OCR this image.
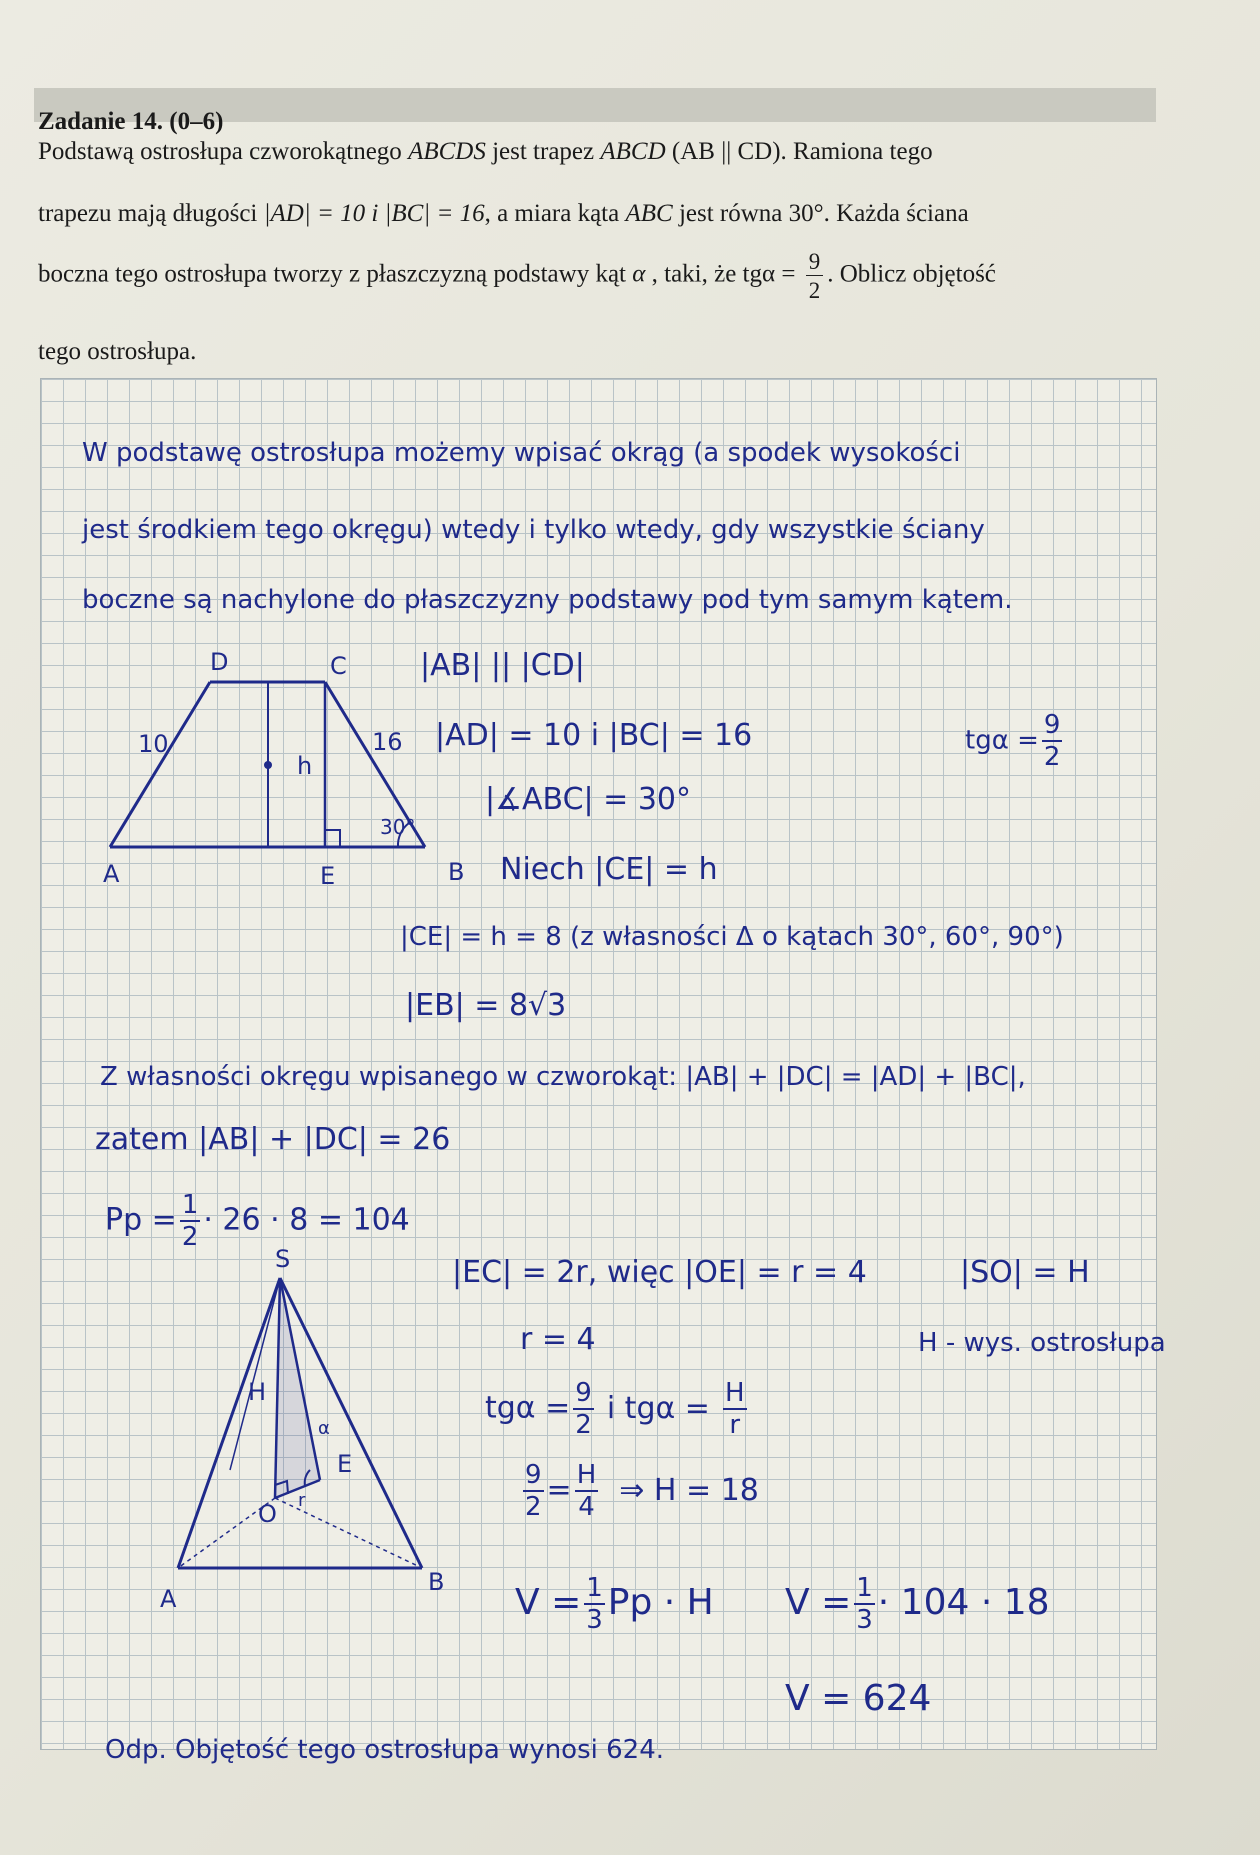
Zadanie 14. (0–6)
Podstawą ostrosłupa czworokątnego ABCDS jest trapez ABCD (AB || CD). Ramiona tego
trapezu mają długości |AD| = 10 i |BC| = 16, a miara kąta ABC jest równa 30°. Każda ściana
boczna tego ostrosłupa tworzy z płaszczyzną podstawy kąt α , taki, że $tg\alpha = \frac{9}{2}$ . Oblicz objętość
tego ostrosłupa.
W podstawę ostrosłupa możemy wpisać okrąg (a spodek wysokości
jest środkiem tego okręgu) wtedy i tylko wtedy, gdy wszystkie ściany
boczne są nachylone do płaszczyzny podstawy pod tym samym kątem.
D	C
A	B
E
10	16
h
30°
|AB| || |CD|
|AD| = 10 i |BC| = 16	$tg\alpha = \frac{9}{2}$
|∡ABC| = 30°
Niech |CE| = h
|CE| = h = 8 (z własności Δ o kątach 30°, 60°, 90°)
|EB| = 8√3
Z własności okręgu wpisanego w czworokąt: |AB| + |DC| = |AD| + |BC|,
zatem |AB| + |DC| = 26
$Pp = \frac{1}{2} \cdot 26 \cdot 8 = 104$
S
A
B
O
E
H
r
α
|EC| = 2r, więc |OE| = r = 4	|SO| = H
r = 4	H - wys. ostrosłupa
$tg\alpha = \frac{9}{2}$ i $tg\alpha = \frac{H}{r}$
$\frac{9}{2} = \frac{H}{4}$ ⇒ H = 18
$V = \frac{1}{3}$ Pp · H $V = \frac{1}{3} \cdot 104 \cdot 18$
V = 624
Odp. Objętość tego ostrosłupa wynosi 624.
